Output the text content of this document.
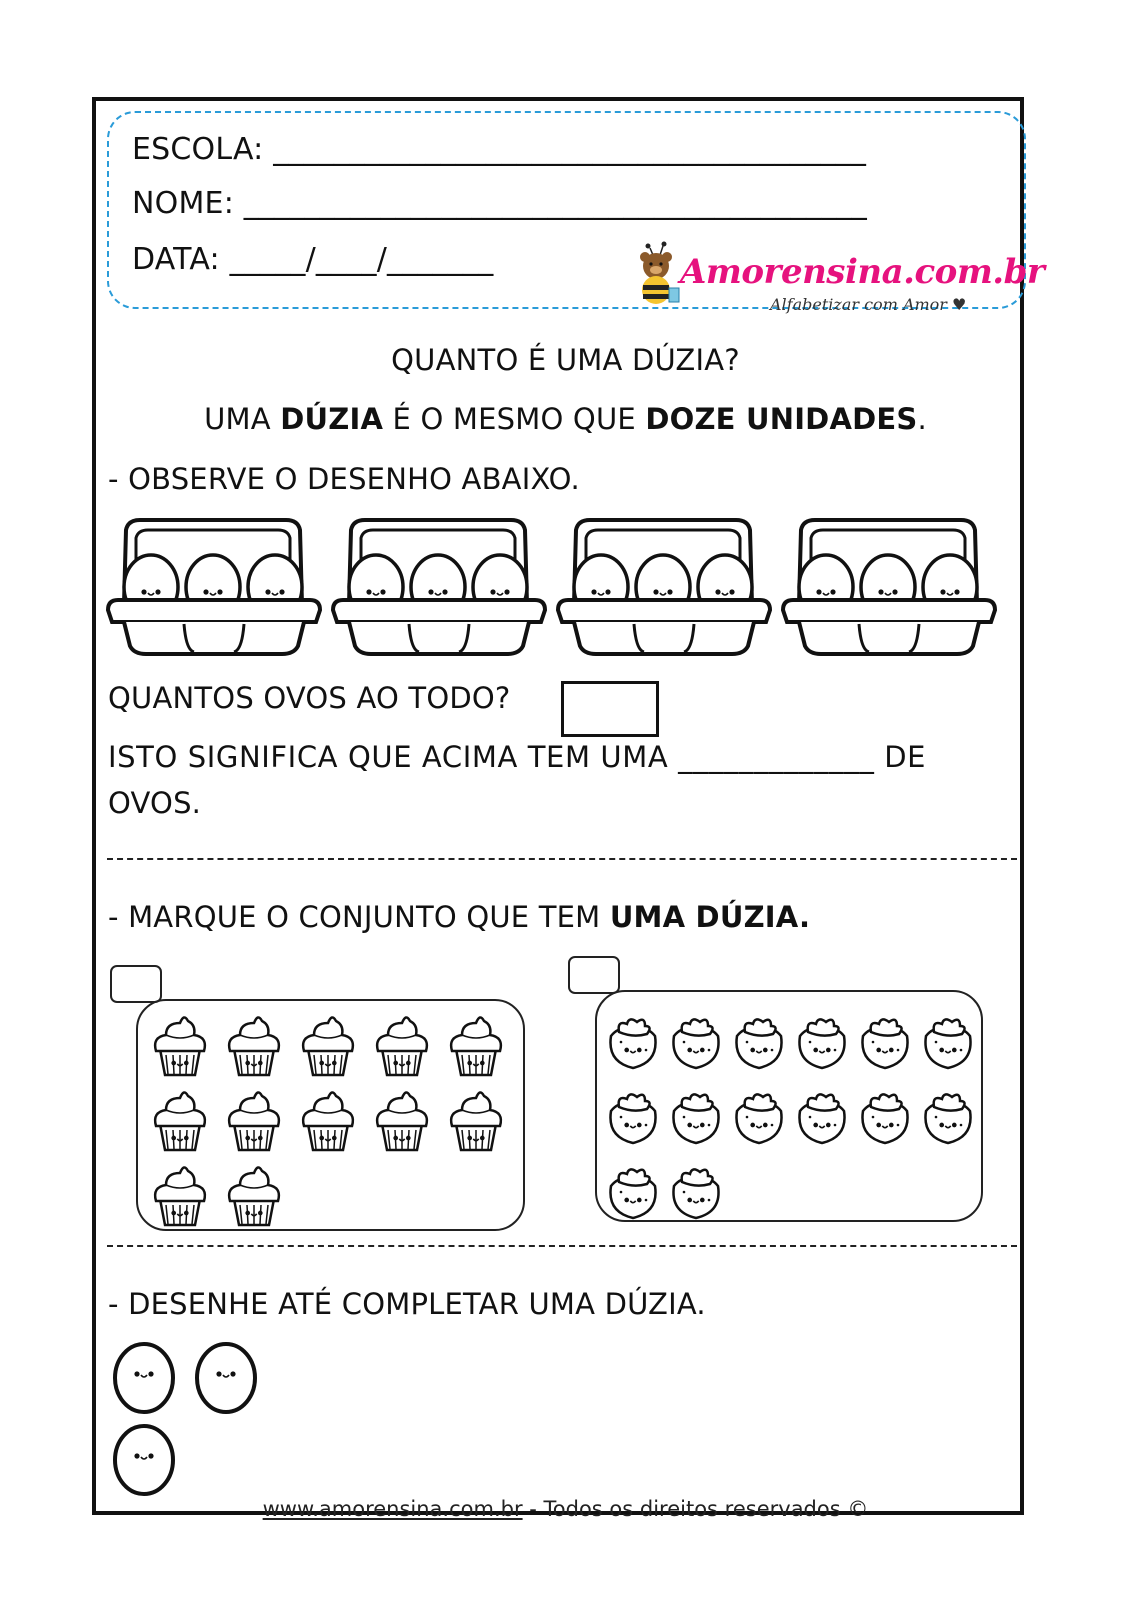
ESCOLA: _______________________________________
NOME: _________________________________________
DATA: _____/____/_______	Amorensina.com.br
Alfabetizar com Amor ♥
QUANTO É UMA DÚZIA?
UMA DÚZIA É O MESMO QUE DOZE UNIDADES.
- OBSERVE O DESENHO ABAIXO.
QUANTOS OVOS AO TODO?
ISTO SIGNIFICA QUE ACIMA TEM UMA _____________ DE
OVOS.
- MARQUE O CONJUNTO QUE TEM UMA DÚZIA.
- DESENHE ATÉ COMPLETAR UMA DÚZIA.
www.amorensina.com.br - Todos os direitos reservados ©
